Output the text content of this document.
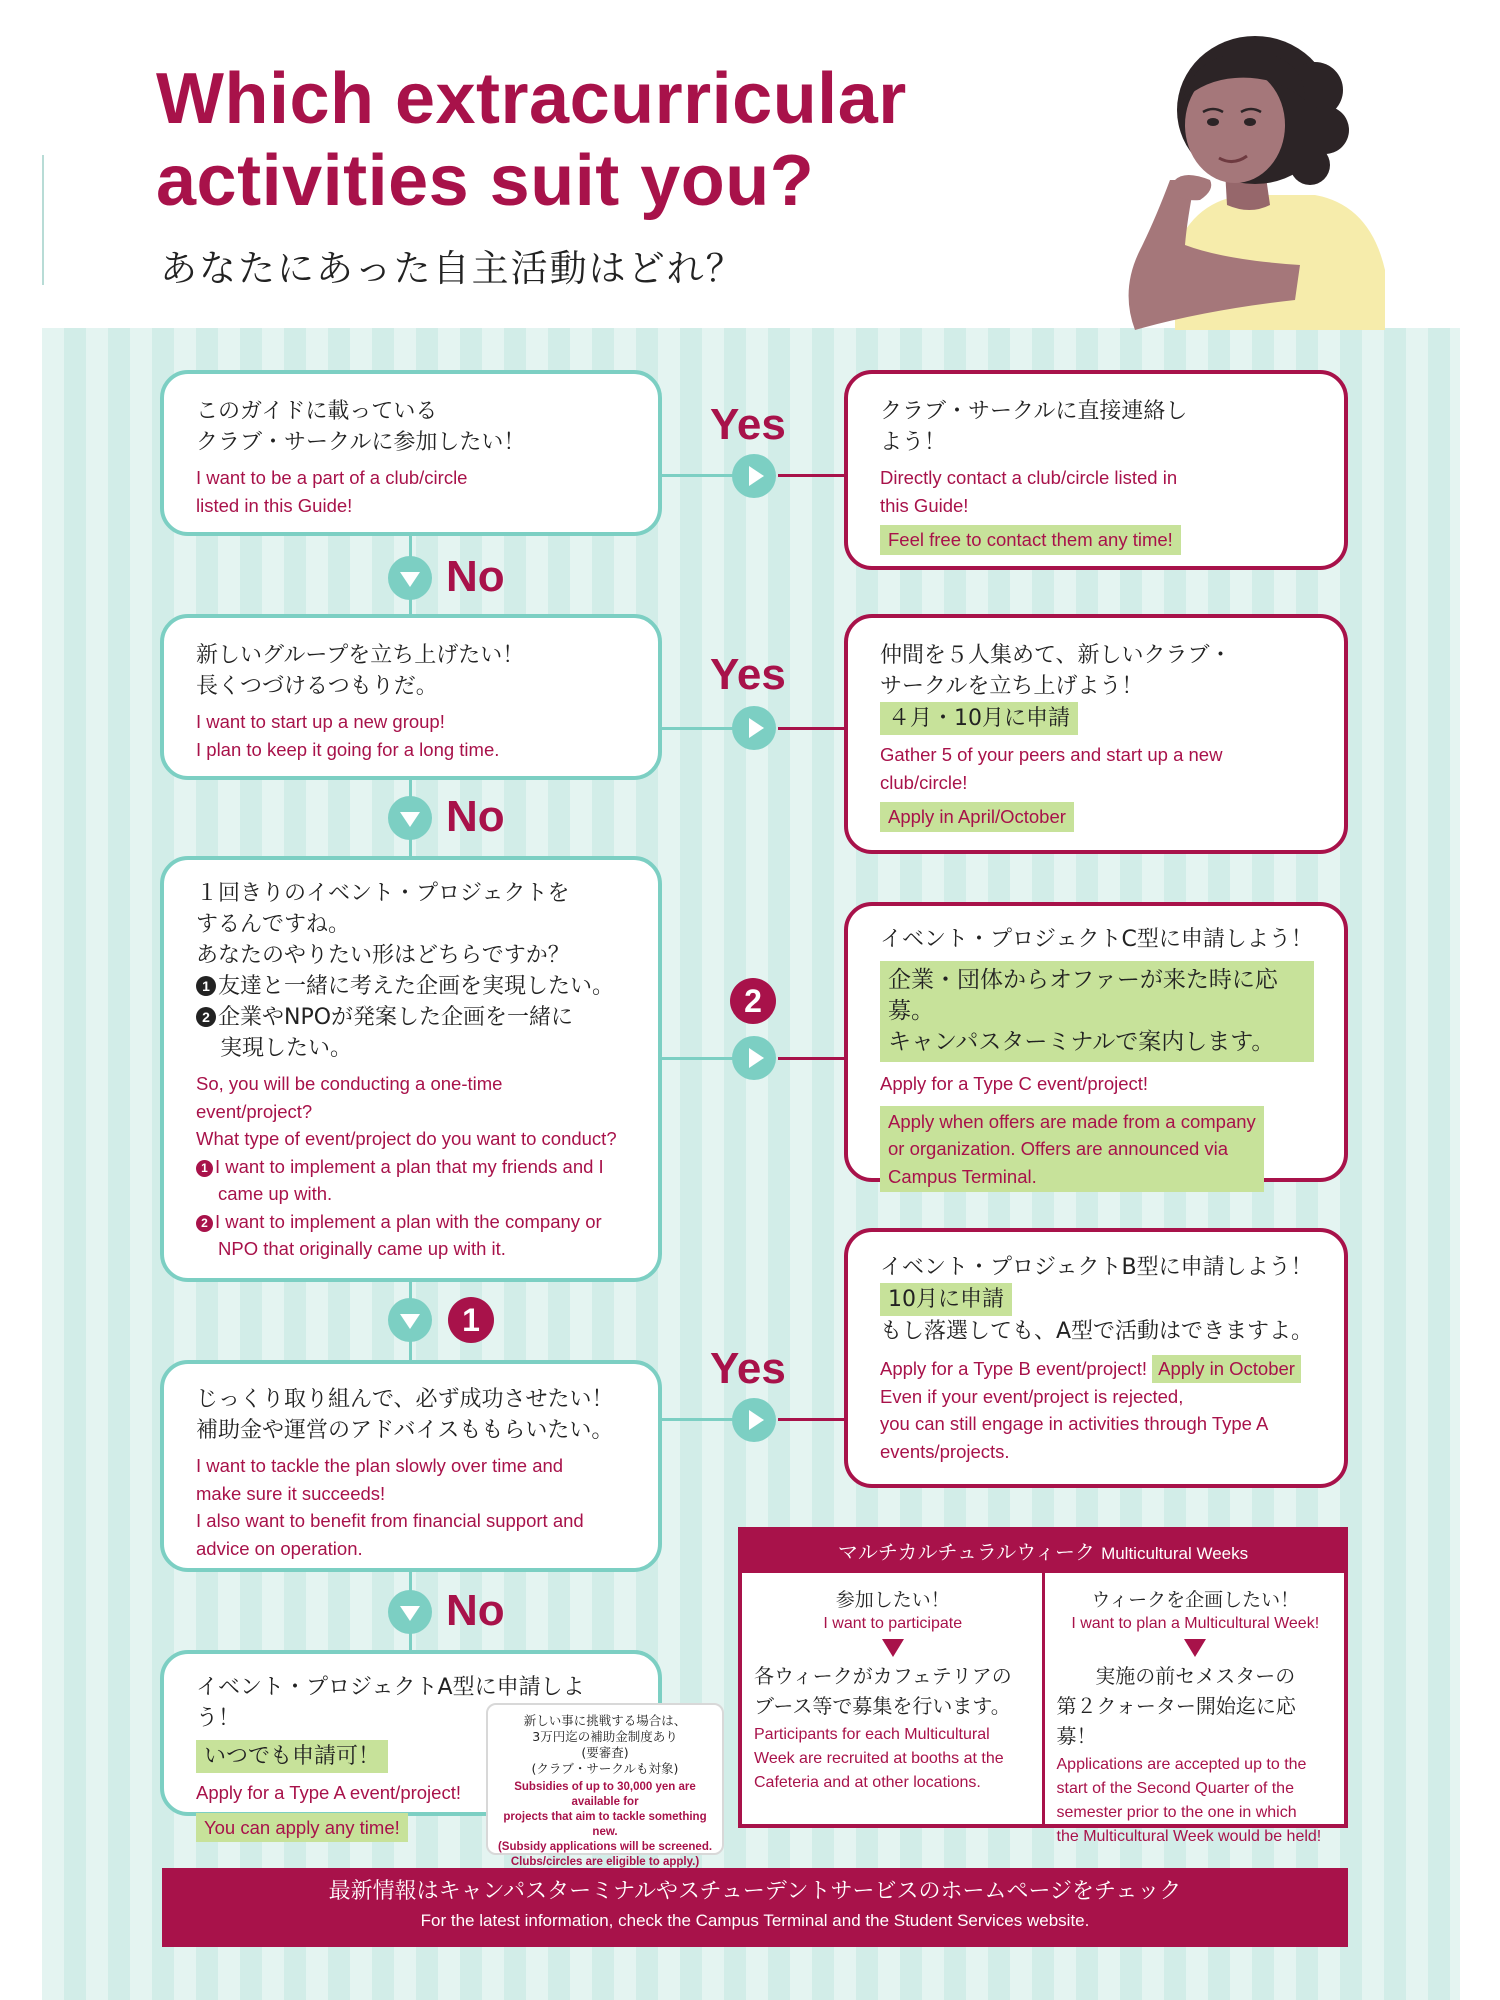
Which extracurricular
activities suit you?
あなたにあった自主活動はどれ？
このガイドに載っている
クラブ・サークルに参加したい！
I want to be a part of a club/circle
listed in this Guide!
クラブ・サークルに直接連絡し
よう！
Directly contact a club/circle listed in
this Guide!
Feel free to contact them any time!
Yes
No
新しいグループを立ち上げたい！
長くつづけるつもりだ。
I want to start up a new group!
I plan to keep it going for a long time.
仲間を５人集めて、新しいクラブ・
サークルを立ち上げよう！
４月・10月に申請
Gather 5 of your peers and start up a new
club/circle!
Apply in April/October
Yes
No
１回きりのイベント・プロジェクトを
するんですね。
あなたのやりたい形はどちらですか？
1 友達と一緒に考えた企画を実現したい。
2 企業やNPOが発案した企画を一緒に
実現したい。
So, you will be conducting a one-time
event/project?
What type of event/project do you want to conduct?
1 I want to implement a plan that my friends and I
came up with.
2 I want to implement a plan with the company or
NPO that originally came up with it.
イベント・プロジェクトC型に申請しよう！
企業・団体からオファーが来た時に応募。
キャンパスターミナルで案内します。
Apply for a Type C event/project!
Apply when offers are made from a company
or organization. Offers are announced via
Campus Terminal.
2
1
イベント・プロジェクトB型に申請しよう！
10月に申請
もし落選しても、A型で活動はできますよ。
Apply for a Type B event/project! Apply in October
Even if your event/project is rejected,
you can still engage in activities through Type A
events/projects.
じっくり取り組んで、必ず成功させたい！
補助金や運営のアドバイスももらいたい。
I want to tackle the plan slowly over time and
make sure it succeeds!
I also want to benefit from financial support and
advice on operation.
Yes
No
イベント・プロジェクトA型に申請しよう！
いつでも申請可！
Apply for a Type A event/project!
You can apply any time!
新しい事に挑戦する場合は、
3万円迄の補助金制度あり
(要審査)
(クラブ・サークルも対象)
Subsidies of up to 30,000 yen are available for
projects that aim to tackle something new.
(Subsidy applications will be screened.
Clubs/circles are eligible to apply.)
マルチカルチュラルウィーク Multicultural Weeks
参加したい！
I want to participate
各ウィークがカフェテリアの
ブース等で募集を行います。
Participants for each Multicultural
Week are recruited at booths at the
Cafeteria and at other locations.
ウィークを企画したい！
I want to plan a Multicultural Week!
実施の前セメスターの
第２クォーター開始迄に応募！
Applications are accepted up to the
start of the Second Quarter of the
semester prior to the one in which
the Multicultural Week would be held!
最新情報はキャンパスターミナルやスチューデントサービスのホームページをチェック
For the latest information, check the Campus Terminal and the Student Services website.
